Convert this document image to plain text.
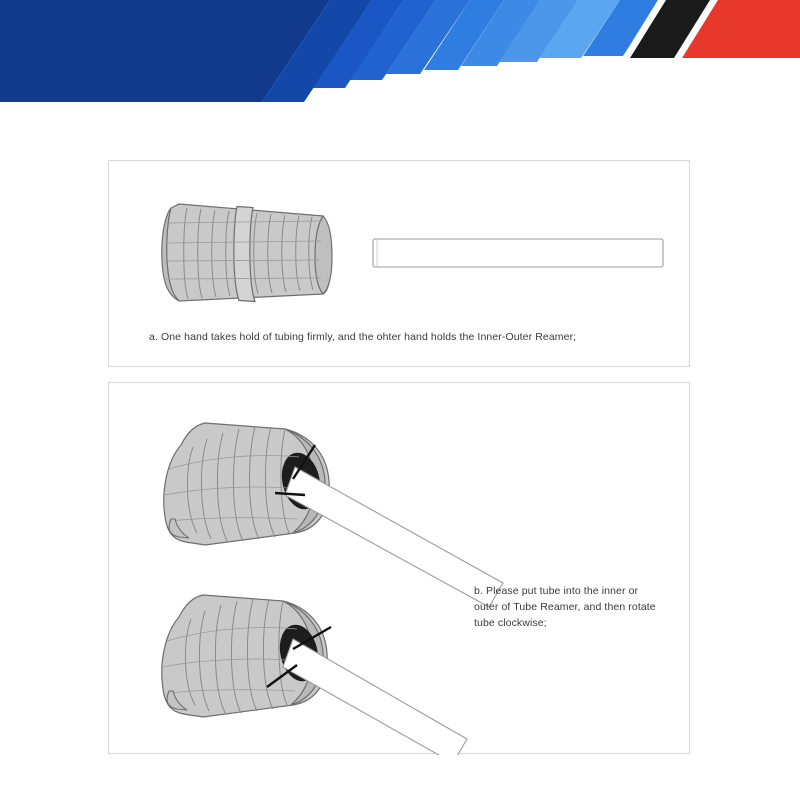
a. One hand takes hold of tubing firmly, and the ohter hand holds the Inner-Outer Reamer;
b. Please put tube into the inner or outer of Tube Reamer, and then rotate tube clockwise;
